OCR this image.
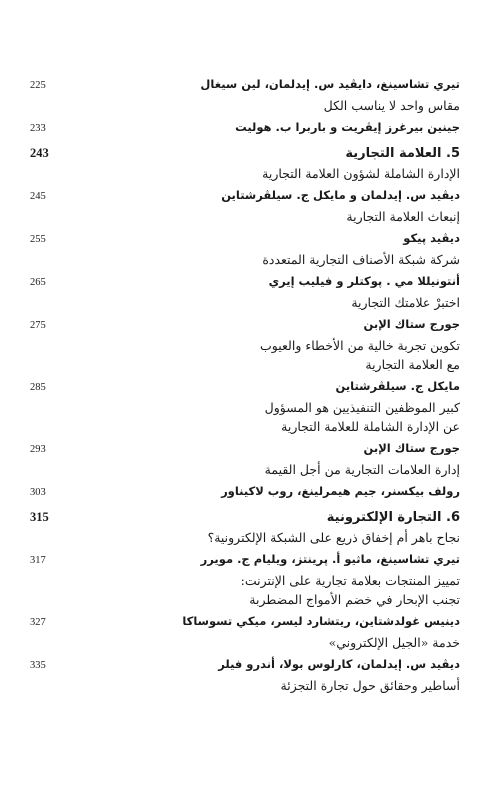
تيري تشاسينغ، دايڤيد س. إيدلمان، لين سيغال
225
مقاس واحد لا يناسب الكل
جينين بيرغرز إيڤريت و باربرا ب. هوليت
233
5. العلامة التجارية
243
الإدارة الشاملة لشؤون العلامة التجارية
ديڤيد س. إيدلمان و مايكل ج. سيلڤرشتاين
245
إنبعاث العلامة التجارية
ديڤيد پيكو
255
شركة شبكة الأصناف التجارية المتعددة
أنتونيللا مي . پوكتلر و فيليب إيري
265
اختبرْ علامتك التجارية
جورج ستاك الإبن
275
تكوين تجربة خالية من الأخطاء والعيوب
مع العلامة التجارية
مايكل ج. سيلڤرشتاين
285
كبير الموظفين التنفيذيين هو المسؤول
عن الإدارة الشاملة للعلامة التجارية
جورج ستاك الإبن
293
إدارة العلامات التجارية من أجل القيمة
رولف بيكسنر، جيم هيمرلينغ، روب لاكيناور
303
6. التجارة الإلكترونية
315
نجاح باهر أم إخفاق ذريع على الشبكة الإلكترونية؟
تيري تشاسينغ، ماثيو أ. پرينتز، ويليام ج. مويرر
317
تمييز المنتجات بعلامة تجارية على الإنترنت:
تجنب الإبحار في خضم الأمواج المضطربة
دينيس غولدشتاين، ريتشارد ليسر، ميكي تسوساكا
327
خدمة «الجيل الإلكتروني»
ديڤيد س. إيدلمان، كارلوس بولا، أندرو فيلر
335
أساطير وحقائق حول تجارة التجزئة
